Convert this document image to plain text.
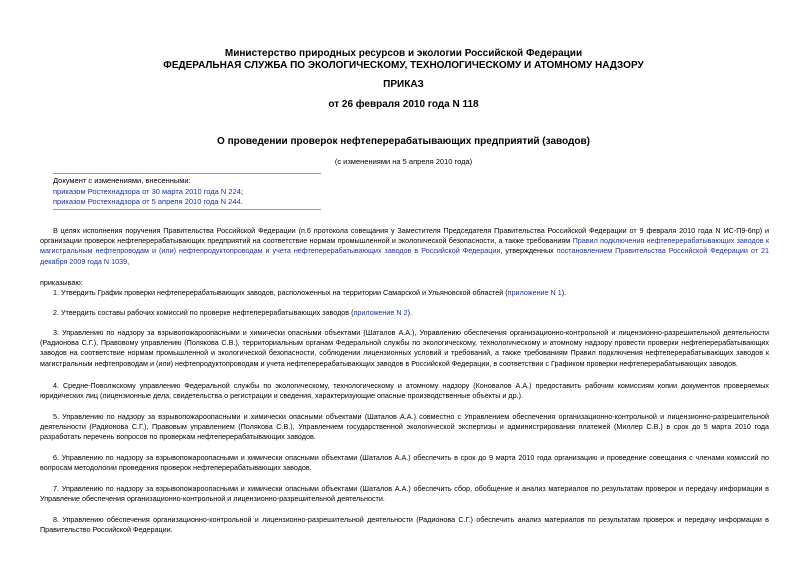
Министерство природных ресурсов и экологии Российской Федерации
ФЕДЕРАЛЬНАЯ СЛУЖБА ПО ЭКОЛОГИЧЕСКОМУ, ТЕХНОЛОГИЧЕСКОМУ И АТОМНОМУ НАДЗОРУ
ПРИКАЗ
от 26 февраля 2010 года N 118
О проведении проверок нефтеперерабатывающих предприятий (заводов)
(с изменениями на 5 апреля 2010 года)
Документ с изменениями, внесенными:
приказом Ростехнадзора от 30 марта 2010 года N 224;
приказом Ростехнадзора от 5 апреля 2010 года N 244.
В целях исполнения поручения Правительства Российской Федерации (п.6 протокола совещания у Заместителя Председателя Правительства Российской Федерации от 9 февраля 2010 года N ИС-П9-6пр) и организации проверок нефтеперерабатывающих предприятий на соответствие нормам промышленной и экологической безопасности, а также требованиям Правил подключения нефтеперерабатывающих заводов к магистральным нефтепроводам и (или) нефтепродуктопроводам и учета нефтеперерабатывающих заводов в Российской Федерации, утвержденных постановлением Правительства Российской Федерации от 21 декабря 2009 года N 1039,
приказываю:
1. Утвердить График проверки нефтеперерабатывающих заводов, расположенных на территории Самарской и Ульяновской областей (приложение N 1).
2. Утвердить составы рабочих комиссий по проверке нефтеперерабатывающих заводов (приложение N 2).
3. Управлению по надзору за взрывопожароопасными и химически опасными объектами (Шаталов А.А.), Управлению обеспечения организационно-контрольной и лицензионно-разрешительной деятельности (Радионова С.Г.), Правовому управлению (Полякова С.В.), территориальным органам Федеральной службы по экологическому, технологическому и атомному надзору провести проверки нефтеперерабатывающих заводов на соответствие нормам промышленной и экологической безопасности, соблюдении лицензионных условий и требований, а также требованиям Правил подключения нефтеперерабатывающих заводов к магистральным нефтепроводам и (или) нефтепродуктопроводам и учета нефтеперерабатывающих заводов в Российской Федерации, в соответствии с Графиком проверки нефтеперерабатывающих заводов.
4. Средне-Поволжскому управлению Федеральной службы по экологическому, технологическому и атомному надзору (Коновалов А.А.) предоставить рабочим комиссиям копии документов проверяемых юридических лиц (лицензионные дела, свидетельства о регистрации и сведения, характеризующие опасные производственные объекты и др.).
5. Управлению по надзору за взрывопожароопасными и химически опасными объектами (Шаталов А.А.) совместно с Управлением обеспечения организационно-контрольной и лицензионно-разрешительной деятельности (Радионова С.Г.), Правовым управлением (Полякова С.В.), Управлением государственной экологической экспертизы и администрирования платежей (Миллер С.В.) в срок до 5 марта 2010 года разработать перечень вопросов по проверкам нефтеперерабатывающих заводов.
6. Управлению по надзору за взрывопожароопасными и химически опасными объектами (Шаталов А.А.) обеспечить в срок до 9 марта 2010 года организацию и проведение совещания с членами комиссий по вопросам методологии проведения проверок нефтеперерабатывающих заводов.
7. Управлению по надзору за взрывопожароопасными и химически опасными объектами (Шаталов А.А.) обеспечить сбор, обобщение и анализ материалов по результатам проверок и передачу информации в Управление обеспечения организационно-контрольной и лицензионно-разрешительной деятельности.
8. Управлению обеспечения организационно-контрольной и лицензионно-разрешительной деятельности (Радионова С.Г.) обеспечить анализ материалов по результатам проверок и передачу информации в Правительство Российской Федерации.
